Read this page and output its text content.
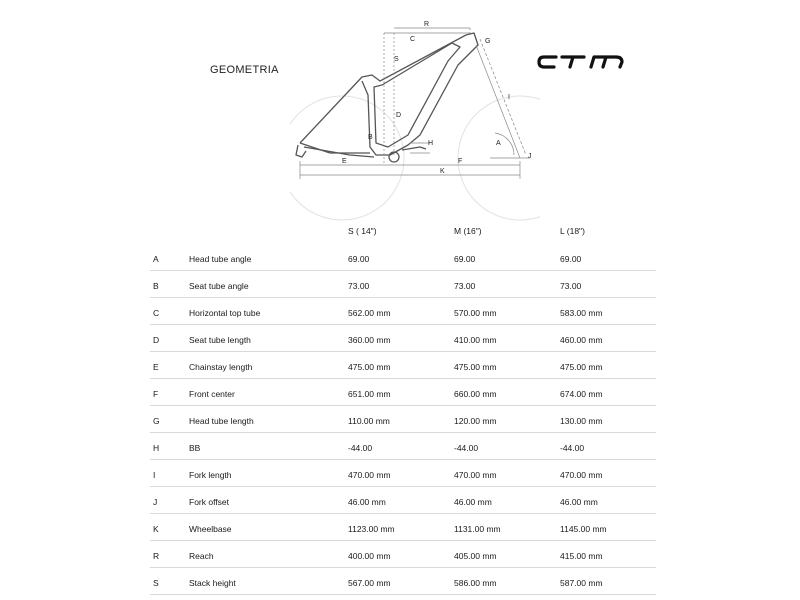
GEOMETRIA
R
C
S
G
I
D
B
H	A
J
E	F
K
S ( 14")	M (16")	L (18")
A	Head tube angle	69.00	69.00	69.00
B	Seat tube angle	73.00	73.00	73.00
C	Horizontal top tube	562.00 mm	570.00 mm	583.00 mm
D	Seat tube length	360.00 mm	410.00 mm	460.00 mm
E	Chainstay length	475.00 mm	475.00 mm	475.00 mm
F	Front center	651.00 mm	660.00 mm	674.00 mm
G	Head tube length	110.00 mm	120.00 mm	130.00 mm
H	BB	-44.00	-44.00	-44.00
I	Fork length	470.00 mm	470.00 mm	470.00 mm
J	Fork offset	46.00 mm	46.00 mm	46.00 mm
K	Wheelbase	1123.00 mm	1131.00 mm	1145.00 mm
R	Reach	400.00 mm	405.00 mm	415.00 mm
S	Stack height	567.00 mm	586.00 mm	587.00 mm
